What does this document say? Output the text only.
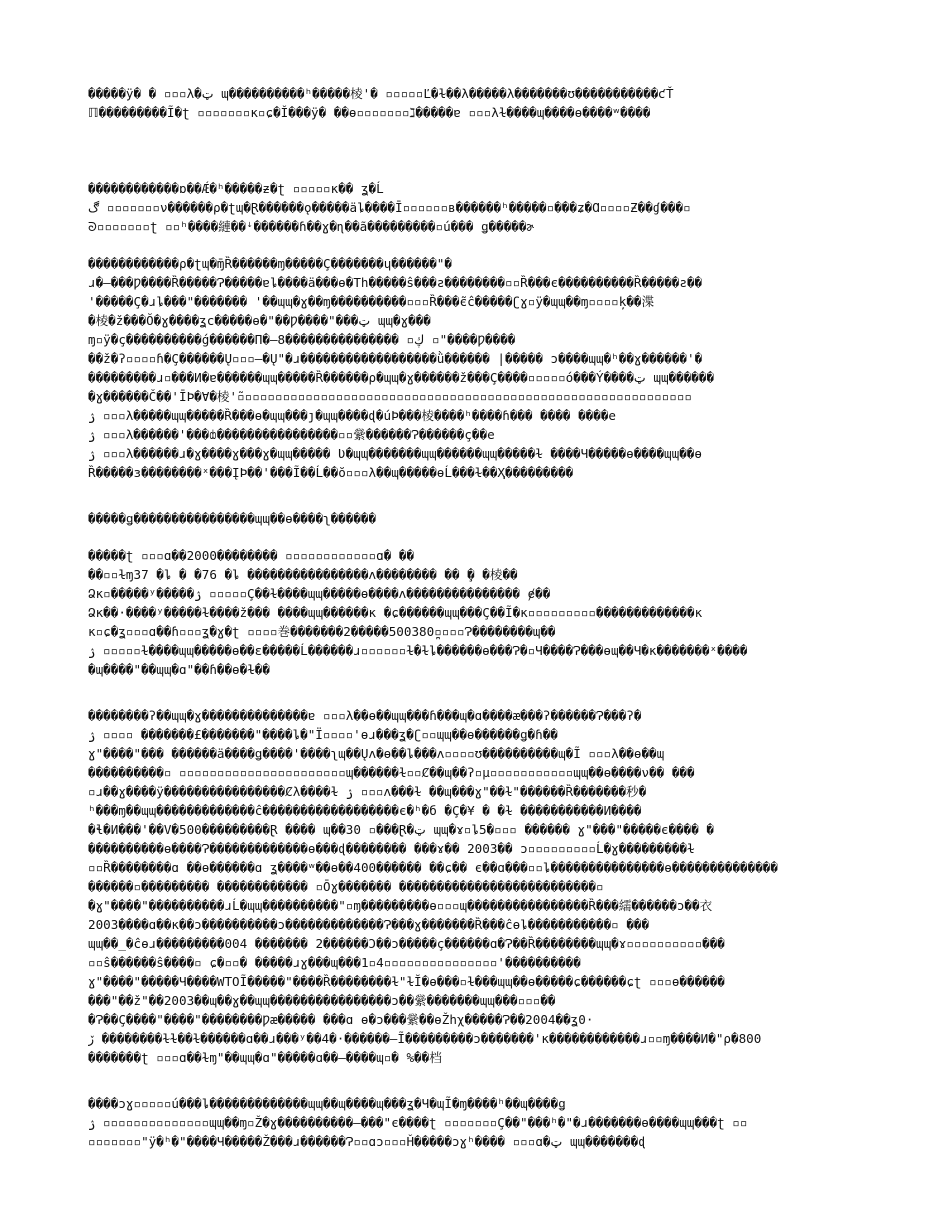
�����ÿ� � ▫▫▫λ�ټ ɰ����������ʰ�����棱'� ▫▫▫▫▫Ľ�ɫ��λ�����λ�������ʊ�����������ƈŤ
ℿ���������Ĩ�ʈ ▫▫▫▫▫▫▫ĸ▫ɕ�Ǐ���ÿ� ��ɵ▫▫▫▫▫▫▫ℷ�����ɐ ▫▫▫λɫ����ɰ����ɵ����ʷ����
������������ɒ��Ǽ�ʰ�����ƶ�ʈ ▫▫▫▫▫ĸ�� ʓ�Ĺ
ڰ ▫▫▫▫▫▫▫ν������ρ�ʈɰ�Ɽ������ǫ�����äȴ����Ī▫▫▫▫▫▫в������ʰ�����▫���ʑ�Ɑ▫▫▫▫Ƶ��ɠ���▫
ᘐ▫▫▫▫▫▫▫ʈ ▫▫ʰ����縺��ꜜ������ɦ��ɣ�ɳ��ã���������▫ú��� ǥ�����ɚ
������������ρ�ʈɰ�ɱ̄Ȑ������ɱ�����Ç�������ɥ������"�
ɹ�–���Ƿ����Ȑ�����Ɂ�����ɐȴ����ä���ɵ�Th�����ŝ���ƨ��������▫▫Ȑ���є����������Ȑ�����ƨ��
'�����Ç�ɹȴ���"������� '��ɰɰ�ɣ��ɱ����������▫▫▫Ȑ���є̃ĉ�����ʗɣ▫ÿ�ɰɰ��ɱ▫▫▫▫ķ��渫
�棱�ž���Ŏ�ɣ����ʓc�����ɵ�"��Ƿ����"���ټ ɰɰ�ɣ���
ɱ▫ÿ�ç����������ǵ������Π�–8��������������� ▫ڮ ▫"����Ƿ����
��ž�ʔ▫▫▫▫ɦ�Ç������Ų▫▫▫–�Ų"�ɹ������������������ǜ������ |����� ɔ����ɰɰ�ʰ��ɣ������'�
���������ɹ▫���И�ɐ������ɰɰ�����Ȑ������ρ�ɰɰ�ɣ������ž���Ç����▫▫▫▫▫ó���Ý����ټ ɰɰ������
�ɣ������Č��'ĪϷ�Ɐ�棱'̃▫▫▫▫▫▫▫▫▫▫▫▫▫▫▫▫▫▫▫▫▫▫▫▫▫▫▫▫▫▫▫▫▫▫▫▫▫▫▫▫▫▫▫▫▫▫▫▫▫▫▫▫▫▫▫▫▫▫▫▫
ۯ ▫▫▫λ�����ɰɰ�����Ȑ���ɵ�ɰɰ���ȷ�ɰɰ����ɖ�úϷ���棱����ʰ����ɦ��� ���� ����e
ۯ ▫▫▫λ������'���ȸ����������������▫▫繠������Ɂ������ç��e
ۯ ▫▫▫λ������ɹ�ɣ����ɣ���ɣ�ɰɰ����� Ʋ�ɰɰ�������ɰɰ������ɰɰ�����ɫ ����Ч�����ɵ����ɰɰ��ɵ
Ȑ�����ɜ��������ˣ���ĮϷ��'���Ĩ��Ĺ��ŏ▫▫▫λ��ɰ�����ɵĹ���ɫ��Ҳ���������
�����ǥ����������������ɰɰ��ɵ����ʅ������
�����ʈ ▫▫▫ɑ��2000�������� ▫▫▫▫▫▫▫▫▫▫▫▫ɑ� ��
��▫▫ɫɱ37 �ȴ � �76 �ȴ ����������������ʌ�������� �� ̧� �棱��
Ձĸ▫�����ʸ�����ۯ ▫▫▫▫▫Ç��ɫ����ɰɰ�����ɵ����ʌ��������������� ɇ��
Ձĸ��·����ʸ�����ɫ����ž��� ����ɰɰ������ĸ �ɕ������ɰɰ���Ç��Ĩ�ĸ▫▫▫▫▫▫▫▫▫�������������ĸ
ĸ▫ɕ�ʓ▫▫▫ɑ��ɦ▫▫▫ʓ�ɣ�ʈ ▫▫▫▫巻�������2�����500380̪▫▫▫▫Ɂ��������ɰ��
ۯ ▫▫▫▫▫ɫ����ɰɰ�����ɵ��ɛ�����Ĺ������ɹ▫▫▫▫▫▫ɫ�ɫȴ������ɵ���Ɂ�▫Ч����Ɂ���ɵɰ��Ч�ĸ�������ˣ����
�ɰ����"��ɰɰ�ɑ"��ɦ��ɵ�ɫ��
��������ʔ��ɰɰ�ɣ��������������ɐ ▫▫▫λ��ɵ��ɰɰ���ɦ���ɰ�ɑ����æ���ʔ������Ɂ���ʔ�
ۯ ▫▫▫▫ �������£�������"����ȴ�"Ï▫▫▫▫'ɵɹ���ʓ�ʗ▫▫ɰɰ��ɵ������ǥ�ɦ��
ɣ"����"��� ������ä����ǥ����'����ʅɰ��Ųʌ�ɵ��ȴ���ʌ▫▫▫▫ʊ����������ɰ�Ĩ ▫▫▫λ��ɵ��ɰ
����������▫ ▫▫▫▫▫▫▫▫▫▫▫▫▫▫▫▫▫▫▫▫▫▫ɰ������ɫ▫▫Ȼ��ɰ��ʔ▫µ▫▫▫▫▫▫▫▫▫▫▫ɰɰ��ɵ����ν�� ���
▫ɹ��ɣ����ÿ����������������Ȼλ����ɫ ۯ ▫▫▫ʌ���ɫ ��ɰ���ɣ"��ɫ"������Ȑ�������秒�
ʰ���ɱ��ɰɰ�������������ĉ������������������є�ʰ�б �Ç�¥ � �ɫ �����������И����
�ɬ�И���'��V�500���������Ɽ ���� ɰ��30 ▫���Ɽ�ټ ɰɰ�ɤ▫ȴ5�▫▫▫ ������ ɣ"���"�����є���� �
����������ɵ����Ɂ�������������ɵ���ɖ�������� ���ɤ�� 2003�� ɔ▫▫▫▫▫▫▫▫▫Ĺ�ɣ���������ɫ
▫▫Ȑ��������ɑ ��ɵ������ɑ ʓ����ʷ��ɵ��400������ ��ɕ�� є��ɑ���▫▫ȴ���������������ɵ��������������
������▫��������� ������������ ▫Ōɣ������� ��������������������������▫
�ɣ"����"����������ɹĹ�ɰɰ����������"▫ɱ���������ɵ▫▫▫ɰ����������������Ȑ���繻������ɔ��衣
2003����ɑ��ĸ��ɔ����������ɔ�������������Ɂ���ɣ�������Ȑ���ĉɵȴ�����������▫ ���
ɰɰ��_�ĉɵɹ���������004 ������� 2������Ɔ��ɔ�����ç������ɑ�Ɂ��Ȑ��������ɰɰ�ɤ▫▫▫▫▫▫▫▫▫▫���
▫▫ŝ������ŝ����▫ ɕ�▫▫� �����ɹɣ���ɰ���1▫4▫▫▫▫▫▫▫▫▫▫▫▫▫▫▫'����������
ɣ"����"�����Ч����WTOĨ�����"����Ȑ��������ɫ"ɫĬ�ɵ���▫ɫ���ɰɰ��ɵ�����ɕ������ɕʈ ▫▫▫ɵ������
���"��ž"��2003��ɰ��ɣ��ɰɰ����������������ɔ��繠�������ɰɰ���▫▫▫��
�Ɂ��Ç����"����"��������Ƿæ����� ���ɑ ɵ�ɔ���繠��ɵŽhχ�����Ɂ��2004��ʓ0·
ڒ ��������ɫɫ��ɫ������ɑ��ɹ���ʸ��4�·������–Ĩ���������ɔ�������'ĸ������������ɹ▫▫ɱ����И�"ρ�800
�������ʈ ▫▫▫ɑ��ɫɱ"��ɰɰ�ɑ"�����ɑ��–����ɰ▫� %��档
����ɔɣ▫▫▫▫▫ú���ȴ�������������ɰɰ��ɰ����ɰ���ʓ�Ч�ɰĨ�ɱ����ʰ��ɰ����ǥ
ۯ ▫▫▫▫▫▫▫▫▫▫▫▫▫▫ɰɰ��ɱ▫Ž�ɣ����������–���"є����ʈ ▫▫▫▫▫▫▫Ç��"���ʰ�"�ɹ�������ɵ����ɰɰ���ʈ ▫▫
▫▫▫▫▫▫▫"ÿ�ʰ�"����Ч�����Ž���ɹ������Ɂ▫▫ɑɔ▫▫▫Ȟ�����ɔɣʰ���� ▫▫▫ɑ�ټ ɰɰ�������ɖ
